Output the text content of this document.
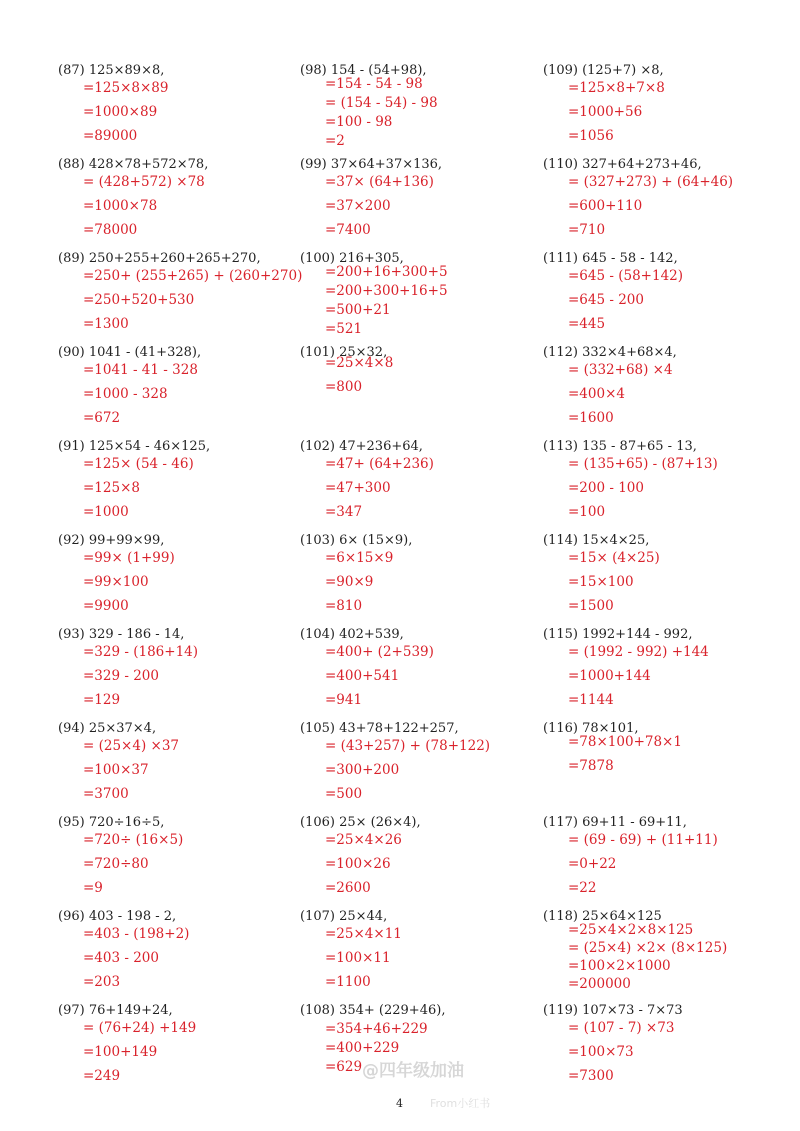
(87) 125×89×8,
=125×8×89
=1000×89
=89000
(88) 428×78+572×78,
= (428+572) ×78
=1000×78
=78000
(89) 250+255+260+265+270,
=250+ (255+265) + (260+270)
=250+520+530
=1300
(90) 1041 - (41+328),
=1041 - 41 - 328
=1000 - 328
=672
(91) 125×54 - 46×125,
=125× (54 - 46)
=125×8
=1000
(92) 99+99×99,
=99× (1+99)
=99×100
=9900
(93) 329 - 186 - 14,
=329 - (186+14)
=329 - 200
=129
(94) 25×37×4,
= (25×4) ×37
=100×37
=3700
(95) 720÷16÷5,
=720÷ (16×5)
=720÷80
=9
(96) 403 - 198 - 2,
=403 - (198+2)
=403 - 200
=203
(97) 76+149+24,
= (76+24) +149
=100+149
=249
(98) 154 - (54+98),
=154 - 54 - 98
= (154 - 54) - 98
=100 - 98
=2
(99) 37×64+37×136,
=37× (64+136)
=37×200
=7400
(100) 216+305,
=200+16+300+5
=200+300+16+5
=500+21
=521
(101) 25×32,
=25×4×8
=800
(102) 47+236+64,
=47+ (64+236)
=47+300
=347
(103) 6× (15×9),
=6×15×9
=90×9
=810
(104) 402+539,
=400+ (2+539)
=400+541
=941
(105) 43+78+122+257,
= (43+257) + (78+122)
=300+200
=500
(106) 25× (26×4),
=25×4×26
=100×26
=2600
(107) 25×44,
=25×4×11
=100×11
=1100
(108) 354+ (229+46),
=354+46+229
=400+229
=629
(109) (125+7) ×8,
=125×8+7×8
=1000+56
=1056
(110) 327+64+273+46,
= (327+273) + (64+46)
=600+110
=710
(111) 645 - 58 - 142,
=645 - (58+142)
=645 - 200
=445
(112) 332×4+68×4,
= (332+68) ×4
=400×4
=1600
(113) 135 - 87+65 - 13,
= (135+65) - (87+13)
=200 - 100
=100
(114) 15×4×25,
=15× (4×25)
=15×100
=1500
(115) 1992+144 - 992,
= (1992 - 992) +144
=1000+144
=1144
(116) 78×101,
=78×100+78×1
=7878
(117) 69+11 - 69+11,
= (69 - 69) + (11+11)
=0+22
=22
(118) 25×64×125
=25×4×2×8×125
= (25×4) ×2× (8×125)
=100×2×1000
=200000
(119) 107×73 - 7×73
= (107 - 7) ×73
=100×73
=7300
@四年级加油
From小红书
4
